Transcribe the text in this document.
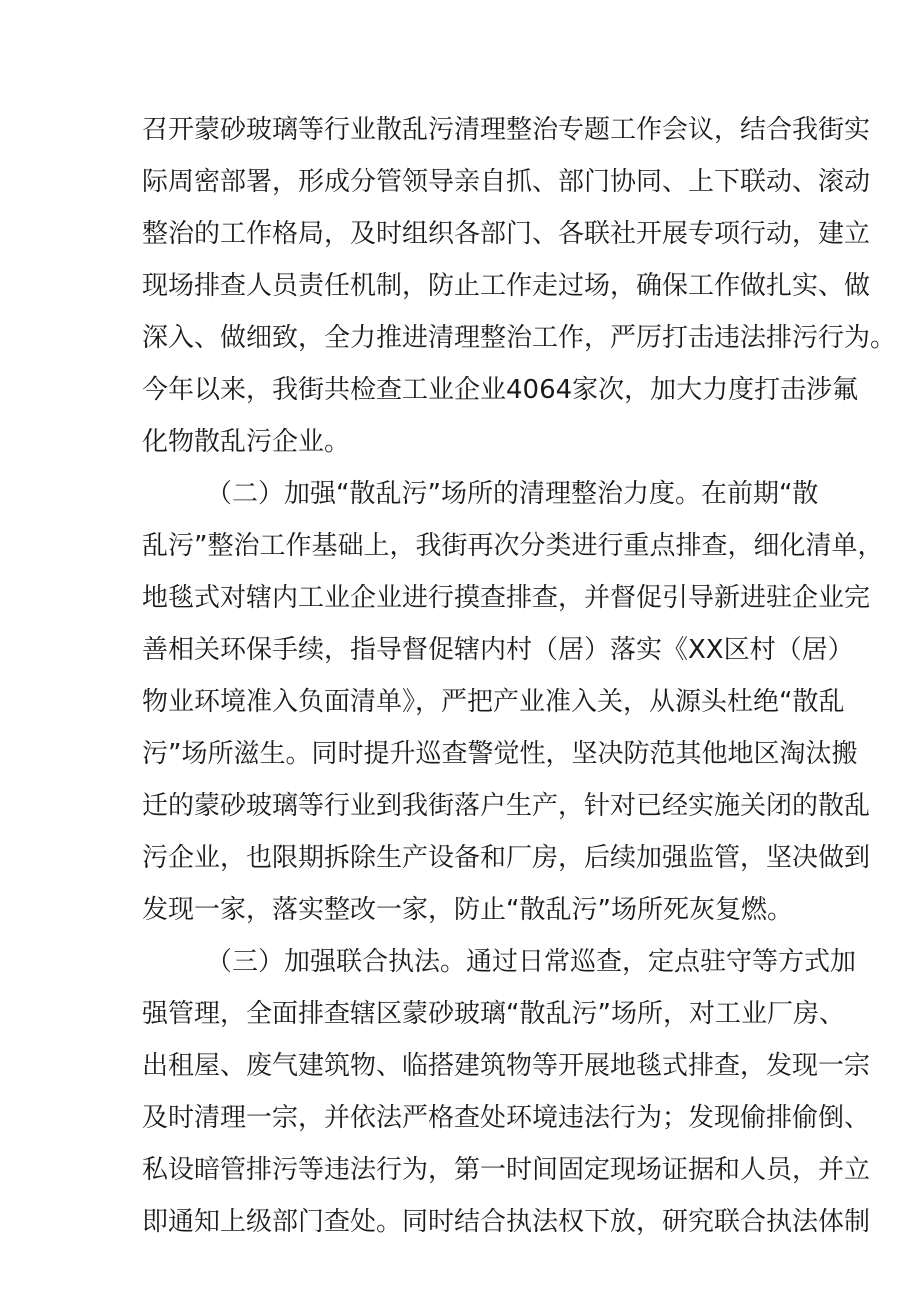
召开蒙砂玻璃等行业散乱污清理整治专题工作会议，结合我街实
际周密部署，形成分管领导亲自抓、部门协同、上下联动、滚动
整治的工作格局，及时组织各部门、各联社开展专项行动，建立
现场排查人员责任机制，防止工作走过场，确保工作做扎实、做
深入、做细致，全力推进清理整治工作，严厉打击违法排污行为。
今年以来，我街共检查工业企业4064家次，加大力度打击涉氟
化物散乱污企业。
（二）加强“散乱污”场所的清理整治力度。在前期“散
乱污”整治工作基础上，我街再次分类进行重点排查，细化清单，
地毯式对辖内工业企业进行摸查排查，并督促引导新进驻企业完
善相关环保手续，指导督促辖内村（居）落实《XX区村（居）
物业环境准入负面清单》，严把产业准入关，从源头杜绝“散乱
污”场所滋生。同时提升巡查警觉性，坚决防范其他地区淘汰搬
迁的蒙砂玻璃等行业到我街落户生产，针对已经实施关闭的散乱
污企业，也限期拆除生产设备和厂房，后续加强监管，坚决做到
发现一家，落实整改一家，防止“散乱污”场所死灰复燃。
（三）加强联合执法。通过日常巡查，定点驻守等方式加
强管理，全面排查辖区蒙砂玻璃“散乱污”场所，对工业厂房、
出租屋、废气建筑物、临搭建筑物等开展地毯式排查，发现一宗
及时清理一宗，并依法严格查处环境违法行为；发现偷排偷倒、
私设暗管排污等违法行为，第一时间固定现场证据和人员，并立
即通知上级部门查处。同时结合执法权下放，研究联合执法体制
